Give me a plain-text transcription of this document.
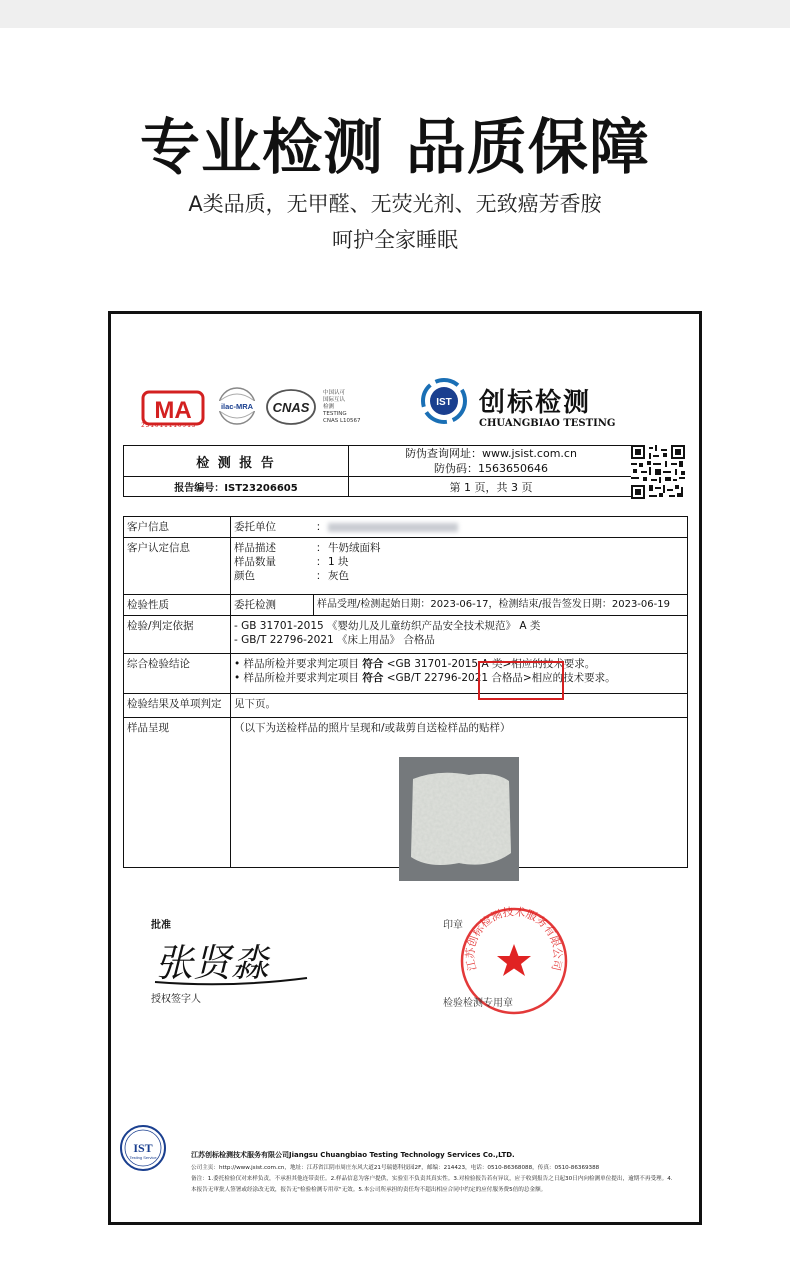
专业检测 品质保障
A类品质，无甲醛、无荧光剂、无致癌芳香胺
呵护全家睡眠
MA
231011110913
ilac-MRA CNAS
中国认可
国际互认
检测
TESTING
CNAS L10567
IST 创标检测
CHUANGBIAO TESTING
检 测 报 告	防伪查询网址：www.jsist.com.cn
防伪码：1563650646

报告编号：IST23206605	第 1 页，共 3 页
客户信息	委托单位 ：	
客户认定信息	样品描述 ： 牛奶绒面料
样品数量 ： 1 块
颜色 ： 灰色	

检验性质	委托检测	样品受理/检测起始日期：2023-06-17，检测结束/报告签发日期：2023-06-19
检验/判定依据	- GB 31701-2015 《婴幼儿及儿童纺织产品安全技术规范》 A 类
- GB/T 22796-2021 《床上用品》 合格品	

综合检验结论	• 样品所检并要求判定项目 符合 <GB 31701-2015 A 类>相应的技术要求。
• 样品所检并要求判定项目 符合 <GB/T 22796-2021 合格品>相应的技术要求。	

检验结果及单项判定	见下页。	
样品呈现	（以下为送检样品的照片呈现和/或裁剪自送检样品的贴样）	
批准
张贤淼
授权签字人
印章
江苏创标检测技术服务有限公司
检验检测专用章
IST
Testing Service	江苏创标检测技术服务有限公司Jiangsu Chuangbiao Testing Technology Services Co.,LTD.
公司主页：http://www.jsist.com.cn，地址：江苏省江阴市周庄东风大道21号瑞德科技园2F，邮编：214423，电话：0510-86368088，传真：0510-86369388
备注：1.委托检验仅对来样负责，不承担其他连带责任。2.样品信息为客户提供，实验室不负责其真实性。3.对检验报告若有异议，应于收到报告之日起30日内向检测单位提出，逾期不再受理。4.
本报告无审批人签署或经涂改无效，报告无"检验检测专用章"无效。5.本公司所承担的责任均不超出相应合同中约定的应付服务费5倍的总金额。
